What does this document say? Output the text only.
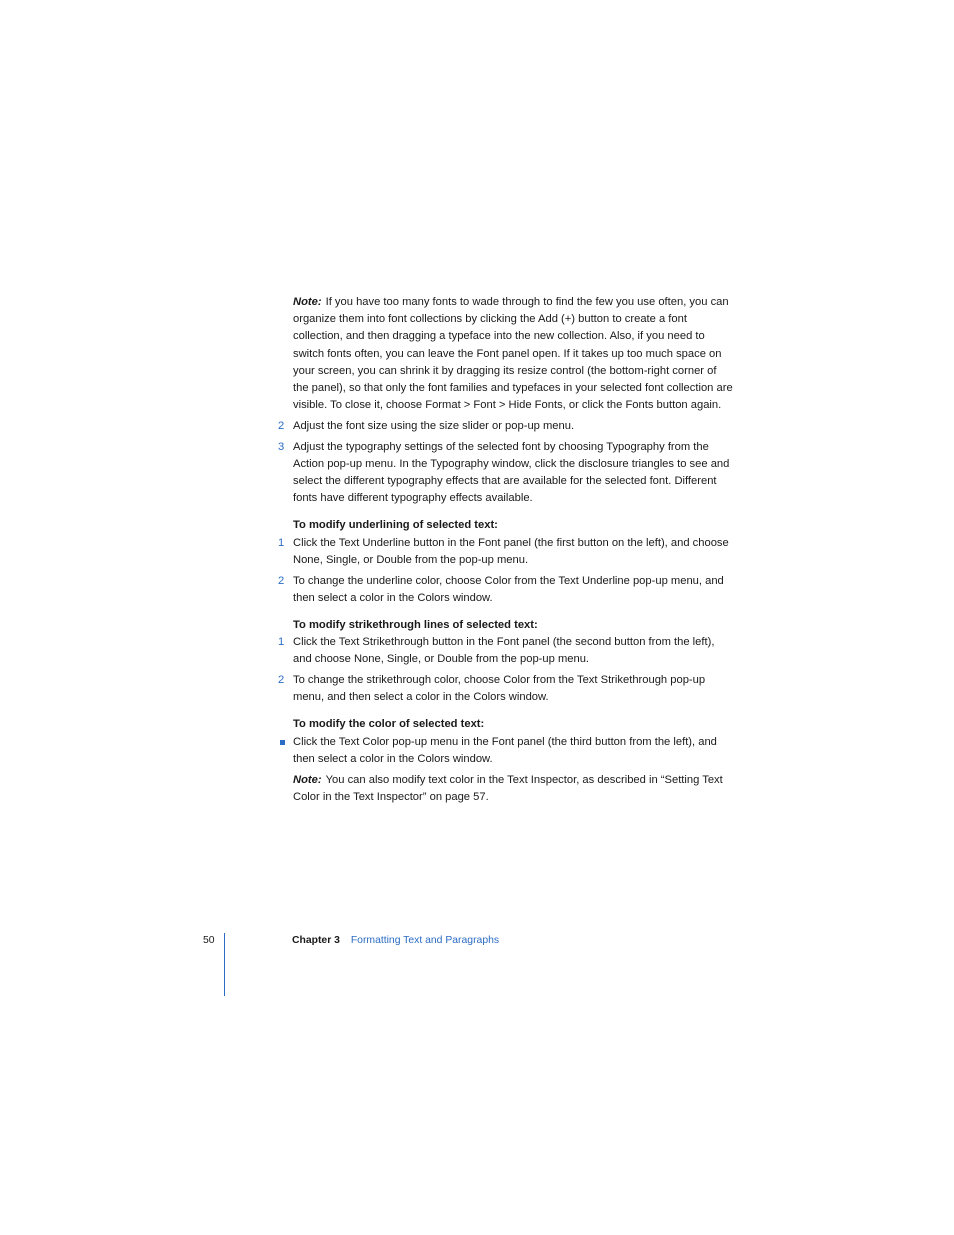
Note: If you have too many fonts to wade through to find the few you use often, you can organize them into font collections by clicking the Add (+) button to create a font collection, and then dragging a typeface into the new collection. Also, if you need to switch fonts often, you can leave the Font panel open. If it takes up too much space on your screen, you can shrink it by dragging its resize control (the bottom-right corner of the panel), so that only the font families and typefaces in your selected font collection are visible. To close it, choose Format > Font > Hide Fonts, or click the Fonts button again.

2 Adjust the font size using the size slider or pop-up menu.
3 Adjust the typography settings of the selected font by choosing Typography from the Action pop-up menu. In the Typography window, click the disclosure triangles to see and select the different typography effects that are available for the selected font. Different fonts have different typography effects available.
To modify underlining of selected text:
1 Click the Text Underline button in the Font panel (the first button on the left), and choose None, Single, or Double from the pop-up menu.
2 To change the underline color, choose Color from the Text Underline pop-up menu, and then select a color in the Colors window.
To modify strikethrough lines of selected text:
1 Click the Text Strikethrough button in the Font panel (the second button from the left), and choose None, Single, or Double from the pop-up menu.
2 To change the strikethrough color, choose Color from the Text Strikethrough pop-up menu, and then select a color in the Colors window.
To modify the color of selected text:
Click the Text Color pop-up menu in the Font panel (the third button from the left), and then select a color in the Colors window.

Note: You can also modify text color in the Text Inspector, as described in “Setting Text Color in the Text Inspector” on page 57.

50	Chapter 3 Formatting Text and Paragraphs
